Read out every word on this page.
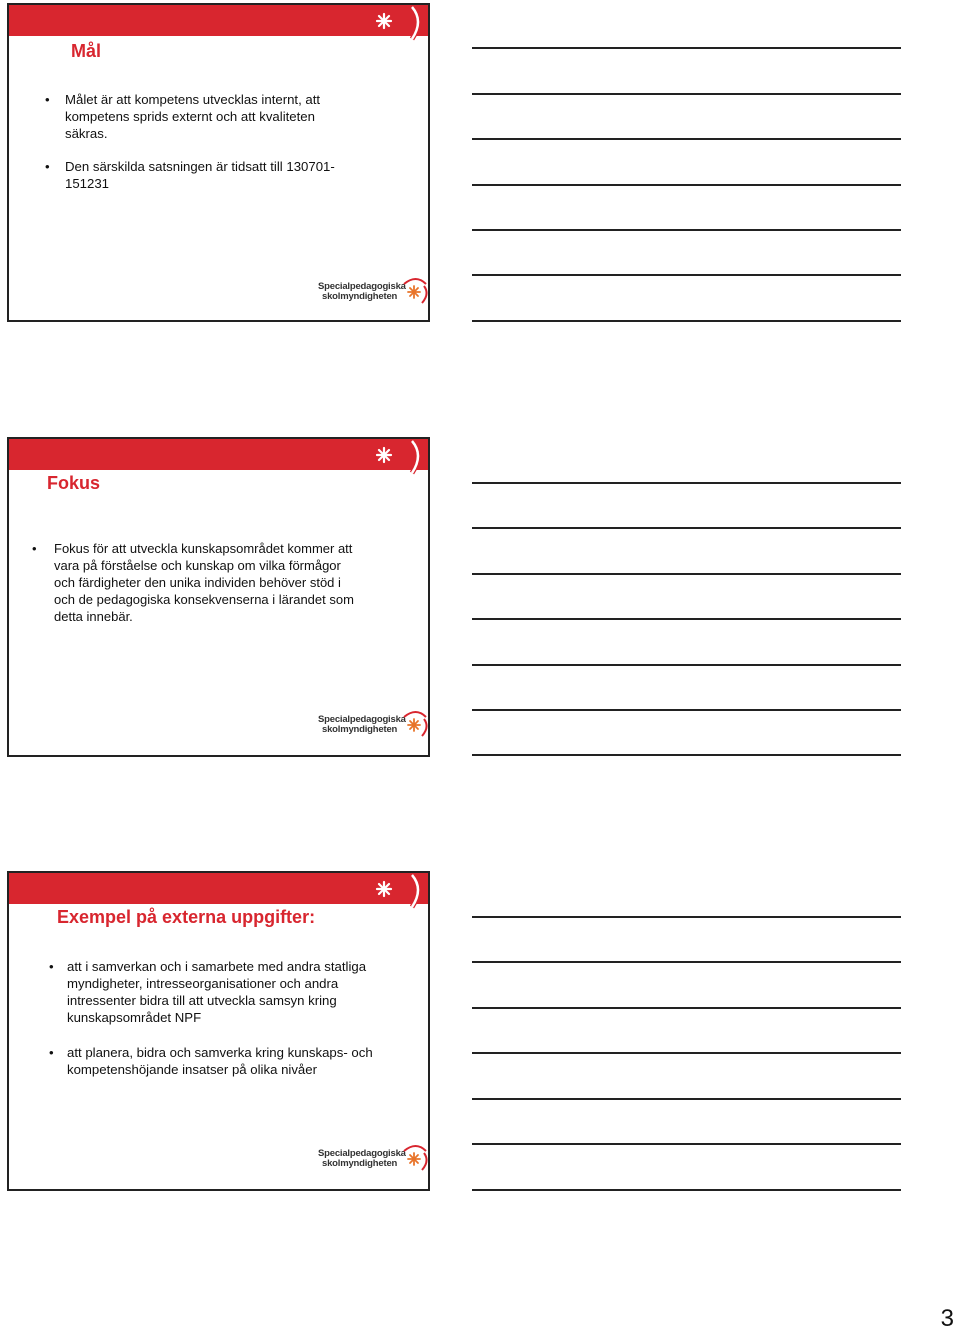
Mål
• Målet är att kompetens utvecklas internt, att kompetens sprids externt och att kvaliteten säkras.
• Den särskilda satsningen är tidsatt till 130701-151231
Specialpedagogiska
skolmyndigheten
Fokus
• Fokus för att utveckla kunskapsområdet kommer att vara på förståelse och kunskap om vilka förmågor och färdigheter den unika individen behöver stöd i och de pedagogiska konsekvenserna i lärandet som detta innebär.
Specialpedagogiska
skolmyndigheten
Exempel på externa uppgifter:
• att i samverkan och i samarbete med andra statliga myndigheter, intresseorganisationer och andra intressenter bidra till att utveckla samsyn kring kunskapsområdet NPF
• att planera, bidra och samverka kring kunskaps- och kompetenshöjande insatser på olika nivåer
Specialpedagogiska
skolmyndigheten
3
